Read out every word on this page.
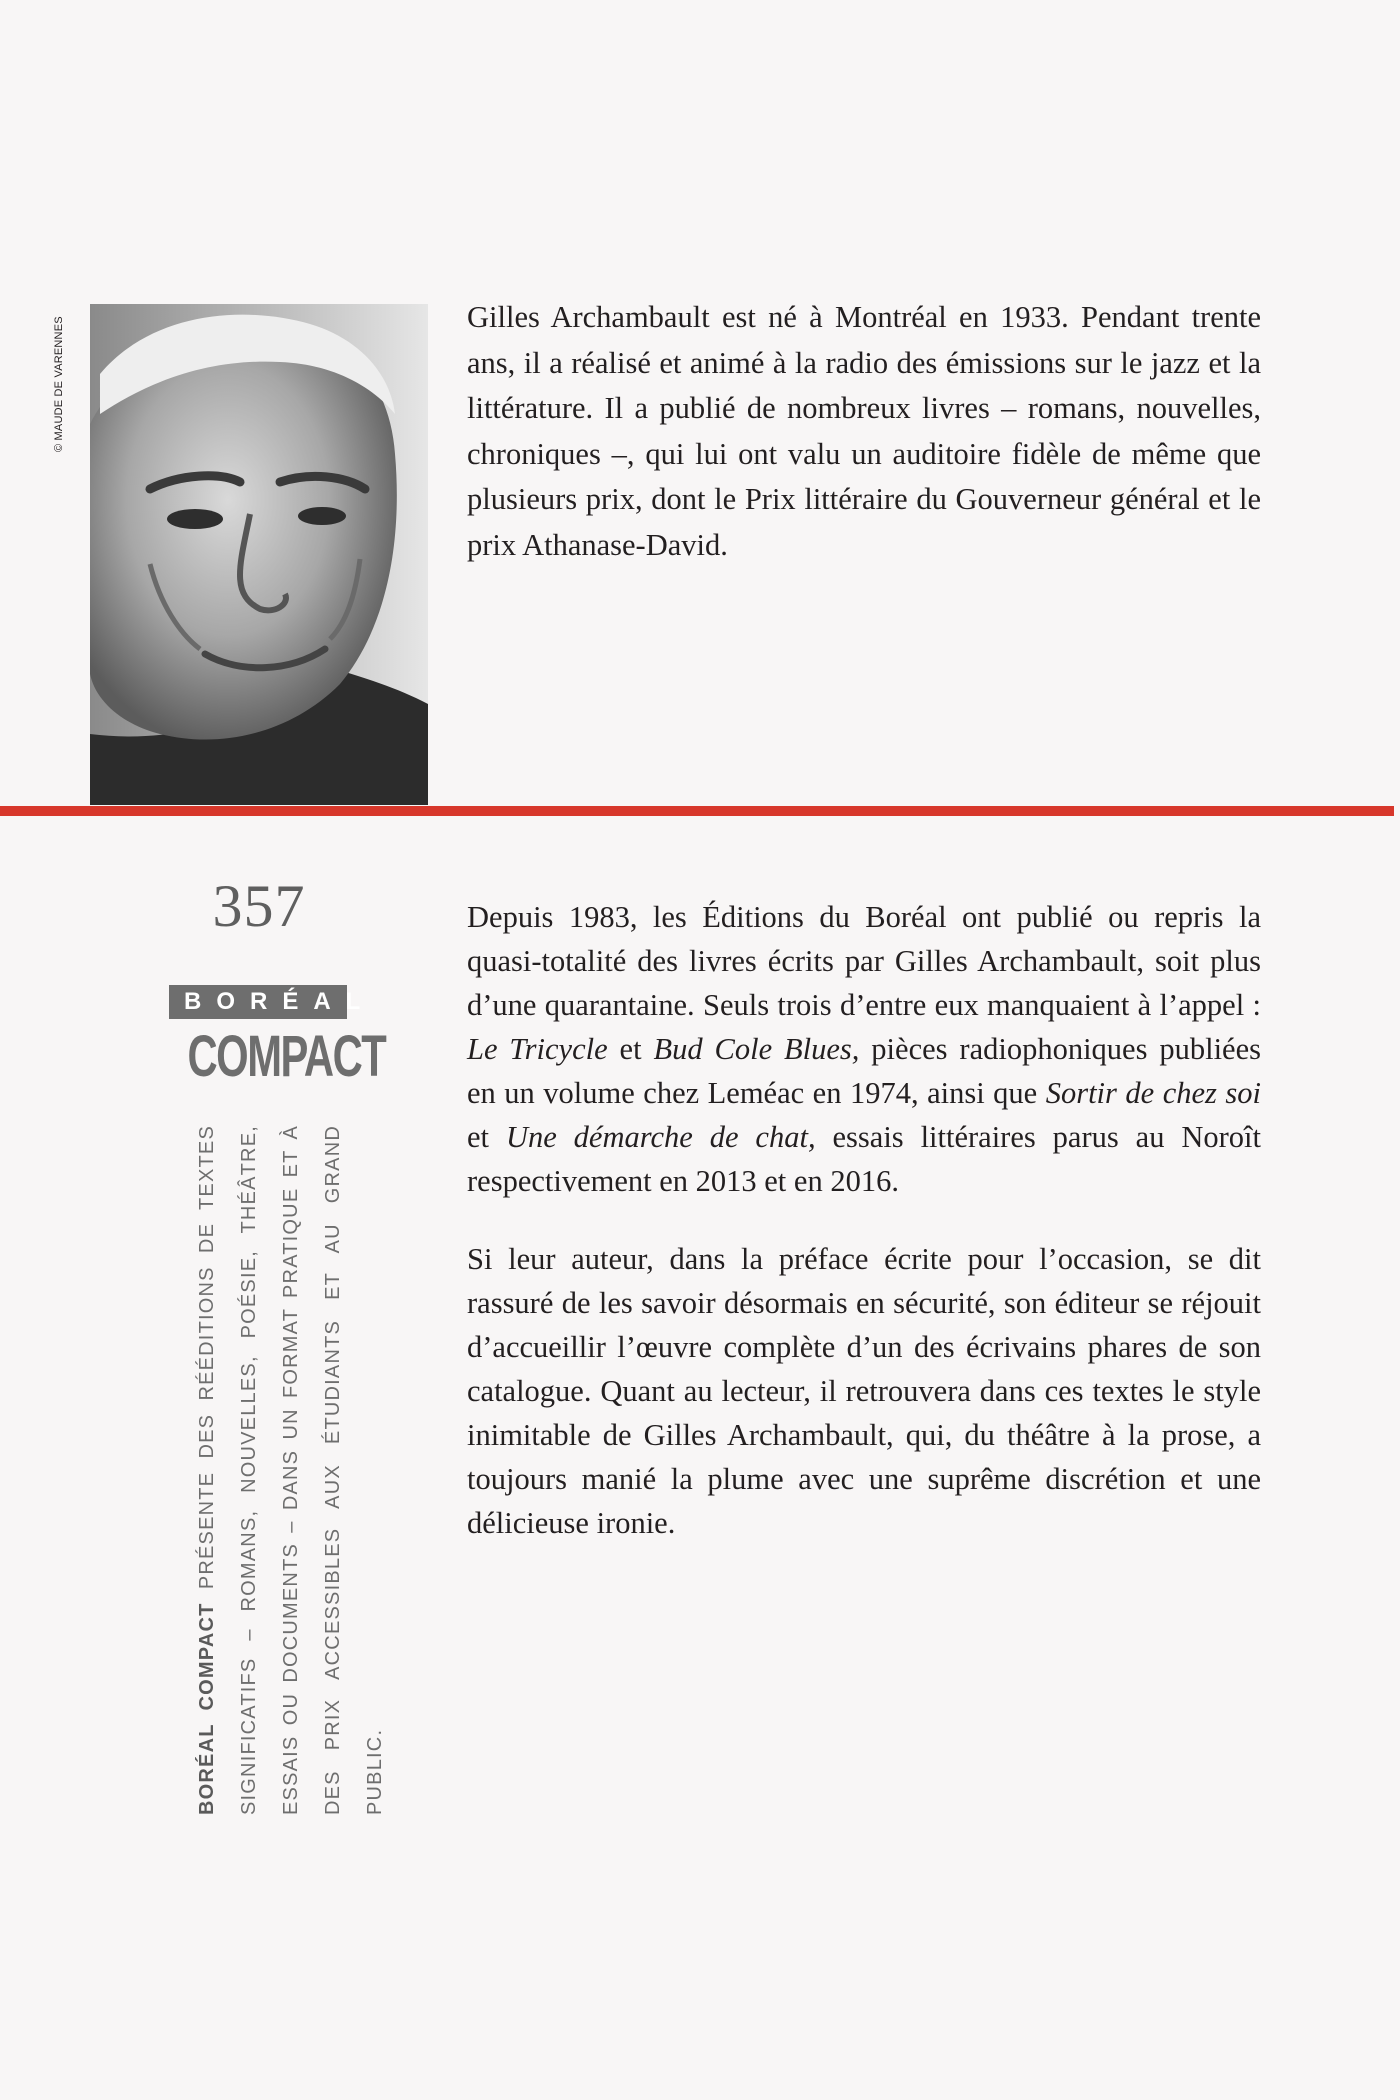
© MAUDE DE VARENNES	Gilles Archambault est né à Montréal en 1933. Pendant trente ans, il a réalisé et animé à la radio des émissions sur le jazz et la littérature. Il a publié de nombreux livres – romans, nouvelles, chroniques –, qui lui ont valu un auditoire fidèle de même que plusieurs prix, dont le Prix littéraire du Gouverneur général et le prix Athanase-David.

357
BORÉAL
COMPACT

BORÉAL COMPACT PRÉSENTE DES RÉÉDITIONS DE TEXTES SIGNIFICATIFS – ROMANS, NOUVELLES, POÉSIE, THÉÂTRE, ESSAIS OU DOCUMENTS – DANS UN FORMAT PRATIQUE ET À DES PRIX ACCESSIBLES AUX ÉTUDIANTS ET AU GRAND PUBLIC.

Depuis 1983, les Éditions du Boréal ont publié ou repris la quasi-totalité des livres écrits par Gilles Archambault, soit plus d’une quarantaine. Seuls trois d’entre eux manquaient à l’appel : Le Tricycle et Bud Cole Blues, pièces radiophoniques publiées en un volume chez Leméac en 1974, ainsi que Sortir de chez soi et Une démarche de chat, essais littéraires parus au Noroît respectivement en 2013 et en 2016.

Si leur auteur, dans la préface écrite pour l’occasion, se dit rassuré de les savoir désormais en sécurité, son éditeur se réjouit d’accueillir l’œuvre complète d’un des écrivains phares de son catalogue. Quant au lecteur, il retrouvera dans ces textes le style inimitable de Gilles Archambault, qui, du théâtre à la prose, a toujours manié la plume avec une suprême discrétion et une délicieuse ironie.
